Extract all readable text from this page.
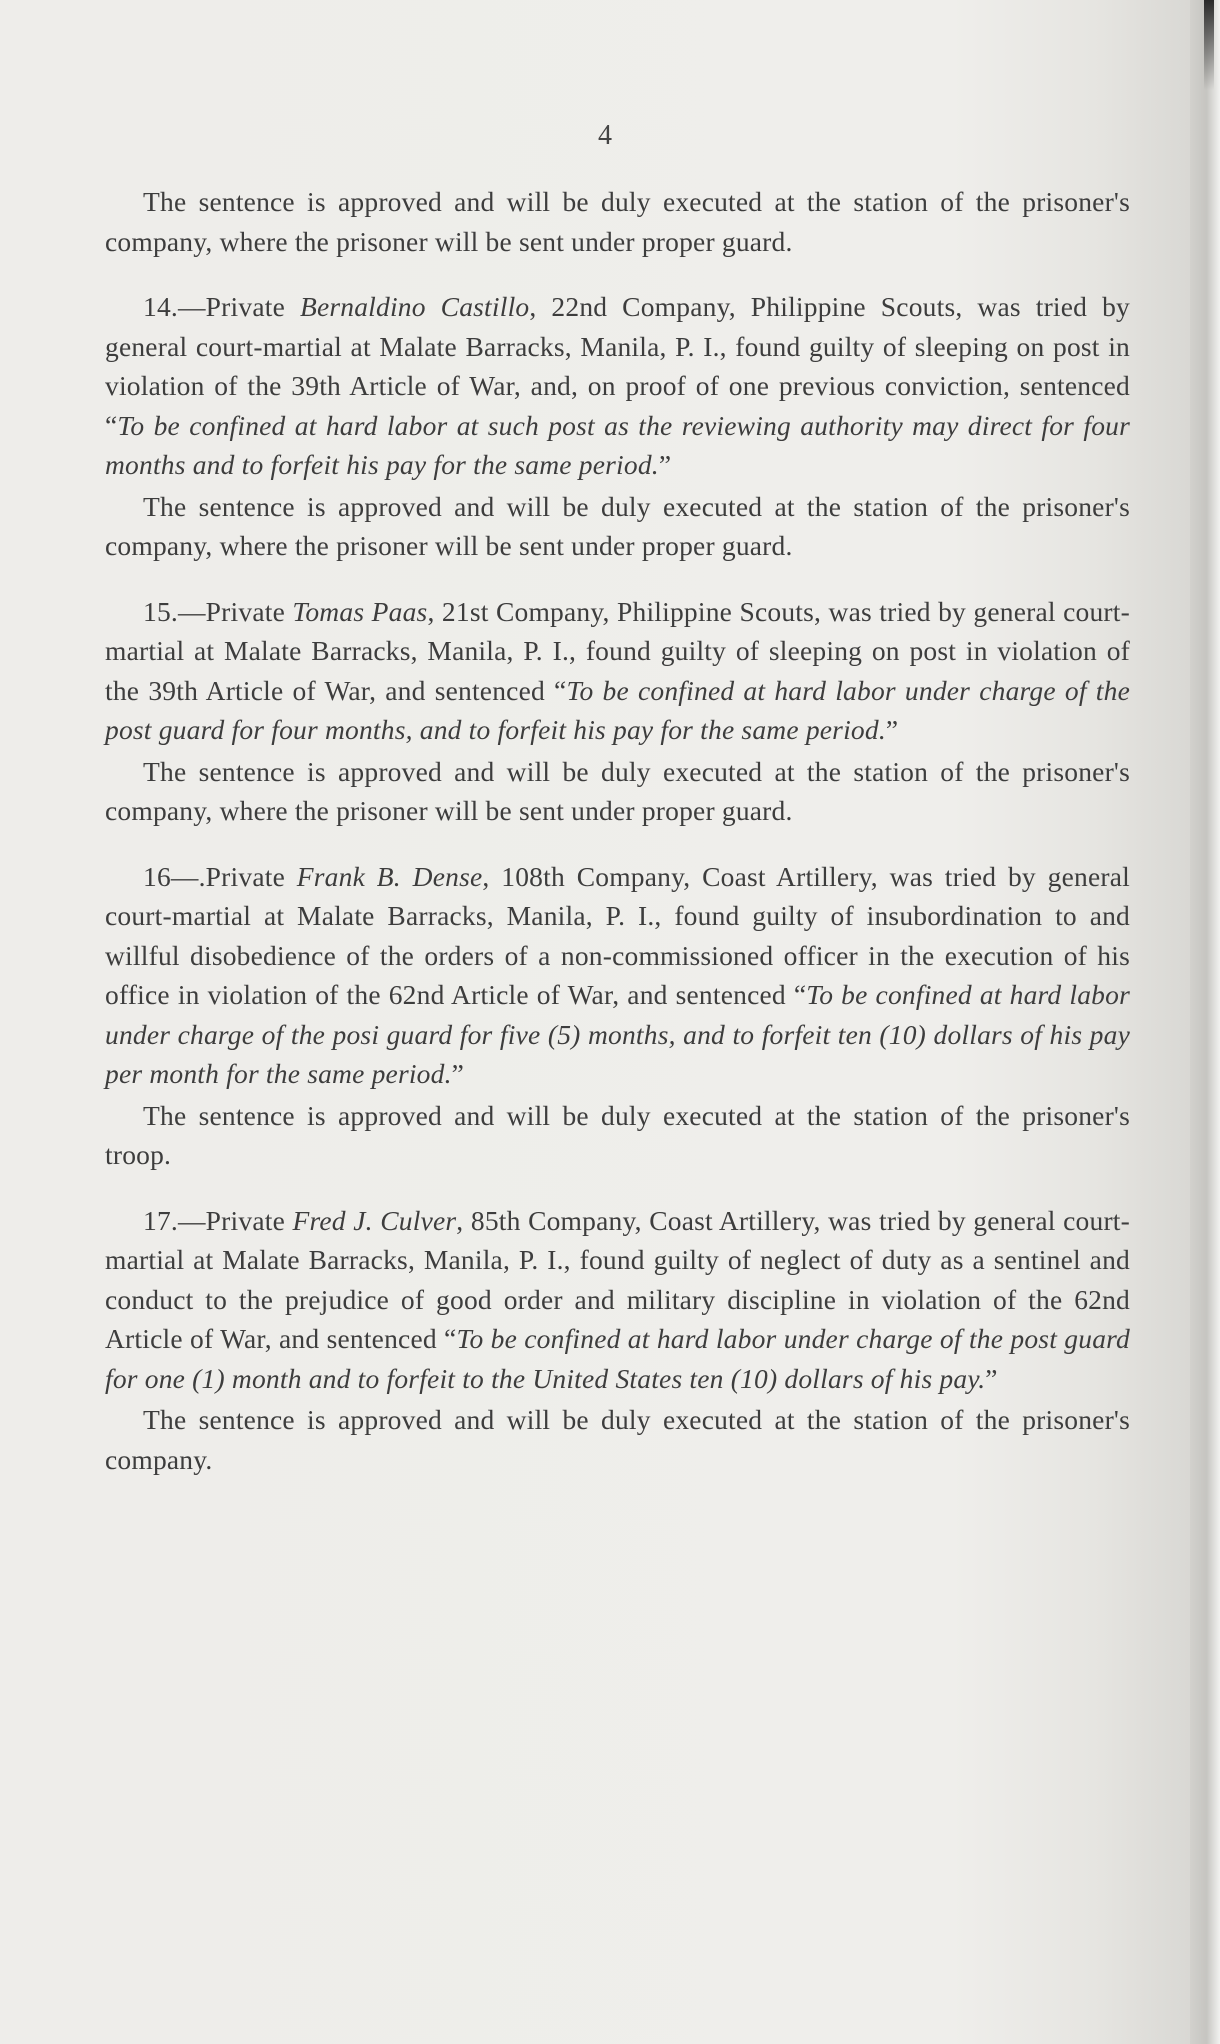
4

The sentence is approved and will be duly executed at the station of the prisoner's company, where the prisoner will be sent under proper guard.

14.—Private Bernaldino Castillo, 22nd Company, Philippine Scouts, was tried by general court-martial at Malate Barracks, Manila, P. I., found guilty of sleeping on post in violation of the 39th Article of War, and, on proof of one previous conviction, sentenced “To be confined at hard labor at such post as the reviewing authority may direct for four months and to forfeit his pay for the same period.”

The sentence is approved and will be duly executed at the station of the prisoner's company, where the prisoner will be sent under proper guard.

15.—Private Tomas Paas, 21st Company, Philippine Scouts, was tried by general court-martial at Malate Barracks, Manila, P. I., found guilty of sleeping on post in violation of the 39th Article of War, and sentenced “To be confined at hard labor under charge of the post guard for four months, and to forfeit his pay for the same period.”

The sentence is approved and will be duly executed at the station of the prisoner's company, where the prisoner will be sent under proper guard.

16—.Private Frank B. Dense, 108th Company, Coast Artillery, was tried by general court-martial at Malate Barracks, Manila, P. I., found guilty of insubordination to and willful disobedience of the orders of a non-commissioned officer in the execution of his office in violation of the 62nd Article of War, and sentenced “To be confined at hard labor under charge of the posi guard for five (5) months, and to forfeit ten (10) dollars of his pay per month for the same period.”

The sentence is approved and will be duly executed at the station of the prisoner's troop.

17.—Private Fred J. Culver, 85th Company, Coast Artillery, was tried by general court-martial at Malate Barracks, Manila, P. I., found guilty of neglect of duty as a sentinel and conduct to the prejudice of good order and military discipline in violation of the 62nd Article of War, and sentenced “To be confined at hard labor under charge of the post guard for one (1) month and to forfeit to the United States ten (10) dollars of his pay.”

The sentence is approved and will be duly executed at the station of the prisoner's company.
